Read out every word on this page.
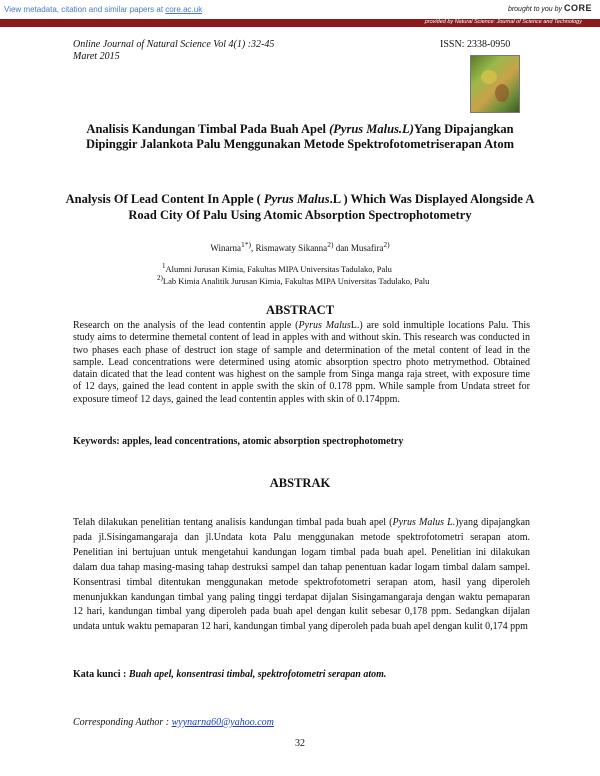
View metadata, citation and similar papers at core.ac.uk	brought to you by CORE
provided by Natural Science: Journal of Science and Technology
Online Journal of Natural Science Vol 4(1) :32-45
Maret 2015
ISSN: 2338-0950
Analisis Kandungan Timbal Pada Buah Apel (Pyrus Malus.L)Yang Dipajangkan Dipinggir Jalankota Palu Menggunakan Metode Spektrofotometriserapan Atom
Analysis Of Lead Content In Apple ( Pyrus Malus.L ) Which Was Displayed Alongside A Road City Of Palu Using Atomic Absorption Spectrophotometry
Winarna$^{1*)}$, Rismawaty Sikanna$^{2)}$ dan Musafira$^{2)}$
$^1$Alumni Jurusan Kimia, Fakultas MIPA Universitas Tadulako, Palu
$^{2)}$Lab Kimia Analitik Jurusan Kimia, Fakultas MIPA Universitas Tadulako, Palu
ABSTRACT
Research on the analysis of the lead contentin apple (Pyrus MalusL.) are sold inmultiple locations Palu. This study aims to determine themetal content of lead in apples with and without skin. This research was conducted in two phases each phase of destruct ion stage of sample and determination of the metal content of lead in the sample. Lead concentrations were determined using atomic absorption spectro photo metrymethod. Obtained datain dicated that the lead content was highest on the sample from Singa manga raja street, with exposure time of 12 days, gained the lead content in apple swith the skin of 0.178 ppm. While sample from Undata street for exposure timeof 12 days, gained the lead contentin apples with skin of 0.174ppm.
Keywords: apples, lead concentrations, atomic absorption spectrophotometry
ABSTRAK
Telah dilakukan penelitian tentang analisis kandungan timbal pada buah apel (Pyrus Malus L.)yang dipajangkan pada jl.Sisingamangaraja dan jl.Undata kota Palu menggunakan metode spektrofotometri serapan atom. Penelitian ini bertujuan untuk mengetahui kandungan logam timbal pada buah apel. Penelitian ini dilakukan dalam dua tahap masing-masing tahap destruksi sampel dan tahap penentuan kadar logam timbal dalam sampel. Konsentrasi timbal ditentukan menggunakan metode spektrofotometri serapan atom, hasil yang diperoleh menunjukkan kandungan timbal yang paling tinggi terdapat dijalan Sisingamangaraja dengan waktu pemaparan 12 hari, kandungan timbal yang diperoleh pada buah apel dengan kulit sebesar 0,178 ppm. Sedangkan dijalan undata untuk waktu pemaparan 12 hari, kandungan timbal yang diperoleh pada buah apel dengan kulit 0,174 ppm
Kata kunci : Buah apel, konsentrasi timbal, spektrofotometri serapan atom.
Corresponding Author : wyynarna60@yahoo.com
32
